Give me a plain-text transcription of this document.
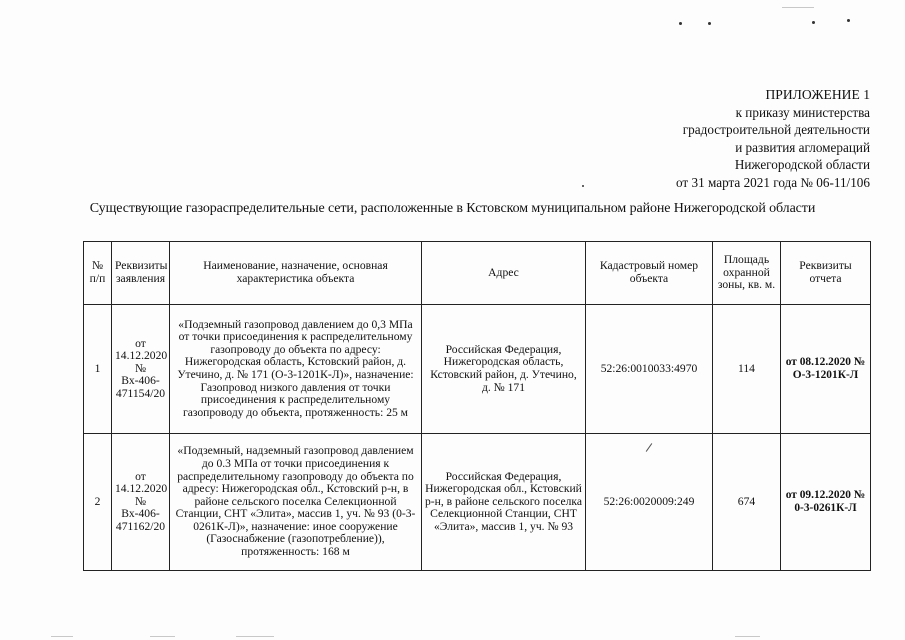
ПРИЛОЖЕНИЕ 1
к приказу министерства
градостроительной деятельности
и развития агломераций
Нижегородской области
от 31 марта 2021 года № 06-11/106
Существующие газораспределительные сети, расположенные в Кстовском муниципальном районе Нижегородской области
№ п/п	Реквизиты заявления	Наименование, назначение, основная характеристика объекта	Адрес	Кадастровый номер объекта	Площадь охранной зоны, кв. м.	Реквизиты отчета
1	от 14.12.2020 № Вх-406-471154/20	«Подземный газопровод давлением до 0,3 МПа от точки присоединения к распределительному газопроводу до объекта по адресу: Нижегородская область, Кстовский район, д. Утечино, д. № 171 (О-3-1201К-Л)», назначение: Газопровод низкого давления от точки присоединения к распределительному газопроводу до объекта, протяженность: 25 м	Российская Федерация, Нижегородская область, Кстовский район, д. Утечино, д. № 171	52:26:0010033:4970	114	от 08.12.2020 № О-3-1201К-Л
2	от 14.12.2020 № Вх-406-471162/20	«Подземный, надземный газопровод давлением до 0.3 МПа от точки присоединения к распределительному газопроводу до объекта по адресу: Нижегородская обл., Кстовский р-н, в районе сельского поселка Селекционной Станции, СНТ «Элита», массив 1, уч. № 93 (0-3-0261К-Л)», назначение: иное сооружение (Газоснабжение (газопотребление)), протяженность: 168 м	Российская Федерация, Нижегородская обл., Кстовский р-н, в районе сельского поселка Селекционной Станции, СНТ «Элита», массив 1, уч. № 93	52:26:0020009:249	674	от 09.12.2020 № 0-3-0261К-Л
